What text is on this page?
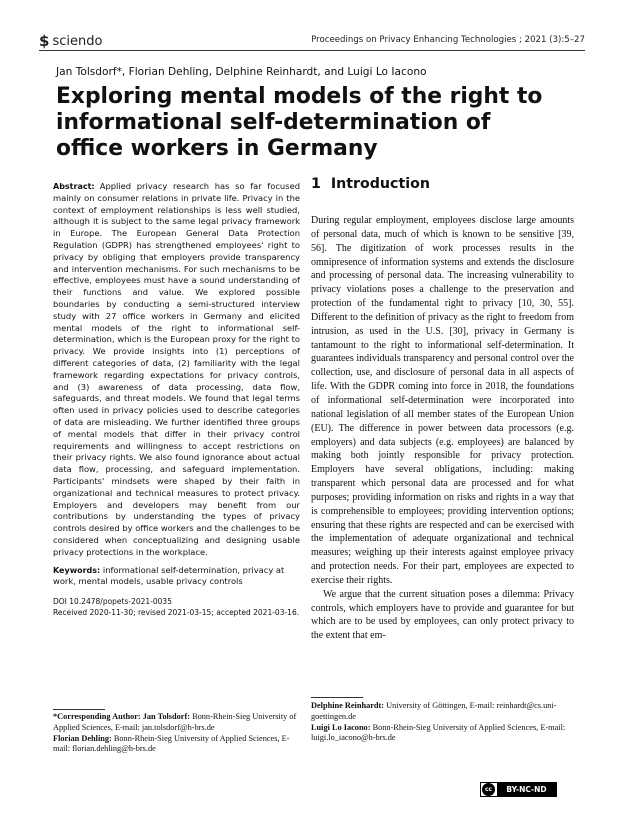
$ sciendo	Proceedings on Privacy Enhancing Technologies ; 2021 (3):5–27
Jan Tolsdorf*, Florian Dehling, Delphine Reinhardt, and Luigi Lo Iacono
Exploring mental models of the right to informational self-determination of office workers in Germany

Abstract: Applied privacy research has so far focused mainly on consumer relations in private life. Privacy in the context of employment relationships is less well studied, although it is subject to the same legal privacy framework in Europe. The European General Data Protection Regulation (GDPR) has strengthened employees' right to privacy by obliging that employers provide transparency and intervention mechanisms. For such mechanisms to be effective, employees must have a sound understanding of their functions and value. We explored possible boundaries by conducting a semi-structured interview study with 27 office workers in Germany and elicited mental models of the right to informational self-determination, which is the European proxy for the right to privacy. We provide insights into (1) perceptions of different categories of data, (2) familiarity with the legal framework regarding expectations for privacy controls, and (3) awareness of data processing, data flow, safeguards, and threat models. We found that legal terms often used in privacy policies used to describe categories of data are misleading. We further identified three groups of mental models that differ in their privacy control requirements and willingness to accept restrictions on their privacy rights. We also found ignorance about actual data flow, processing, and safeguard implementation. Participants' mindsets were shaped by their faith in organizational and technical measures to protect privacy. Employers and developers may benefit from our contributions by understanding the types of privacy controls desired by office workers and the challenges to be considered when conceptualizing and designing usable privacy protections in the workplace.

Keywords: informational self-determination, privacy at work, mental models, usable privacy controls
DOI 10.2478/popets-2021-0035
Received 2020-11-30; revised 2021-03-15; accepted 2021-03-16.
*Corresponding Author: Jan Tolsdorf: Bonn-Rhein-Sieg University of Applied Sciences, E-mail: jan.tolsdorf@h-brs.de
Florian Dehling: Bonn-Rhein-Sieg University of Applied Sciences, E-mail: florian.dehling@h-brs.de
1 Introduction

During regular employment, employees disclose large amounts of personal data, much of which is known to be sensitive [39, 56]. The digitization of work processes results in the omnipresence of information systems and extends the disclosure and processing of personal data. The increasing vulnerability to privacy violations poses a challenge to the preservation and protection of the fundamental right to privacy [10, 30, 55]. Different to the definition of privacy as the right to freedom from intrusion, as used in the U.S. [30], privacy in Germany is tantamount to the right to informational self-determination. It guarantees individuals transparency and personal control over the collection, use, and disclosure of personal data in all aspects of life. With the GDPR coming into force in 2018, the foundations of informational self-determination were incorporated into national legislation of all member states of the European Union (EU). The difference in power between data processors (e.g. employers) and data subjects (e.g. employees) are balanced by making both jointly responsible for privacy protection. Employers have several obligations, including: making transparent which personal data are processed and for what purposes; providing information on risks and rights in a way that is comprehensible to employees; providing intervention options; ensuring that these rights are respected and can be exercised with the implementation of adequate organizational and technical measures; weighing up their interests against employee privacy and protection needs. For their part, employees are expected to exercise their rights.

We argue that the current situation poses a dilemma: Privacy controls, which employers have to provide and guarantee for but which are to be used by employees, can only protect privacy to the extent that em-

Delphine Reinhardt: University of Göttingen, E-mail: reinhardt@cs.uni-goettingen.de
Luigi Lo Iacono: Bonn-Rhein-Sieg University of Applied Sciences, E-mail: luigi.lo_iacono@h-brs.de
cc	BY-NC-ND
